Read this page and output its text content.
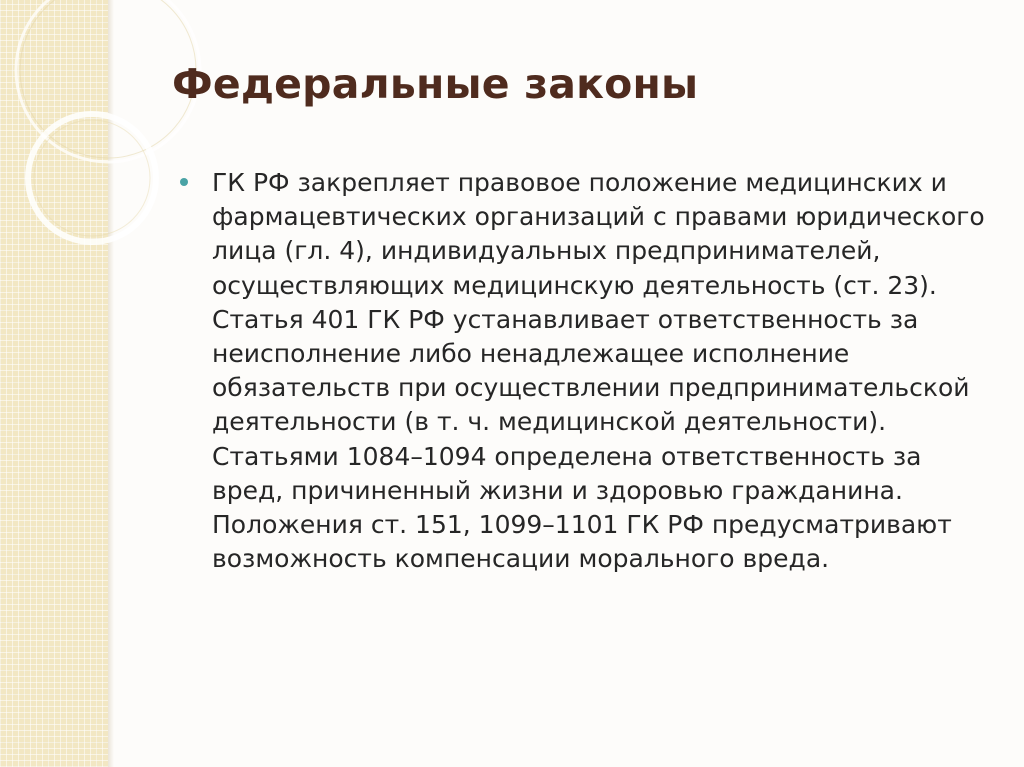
Федеральные законы

ГК РФ закрепляет правовое положение медицинских и фармацевтических организаций с правами юридического лица (гл. 4), индивидуальных предпринимателей, осуществляющих медицинскую деятельность (ст. 23). Статья 401 ГК РФ устанавливает ответственность за неисполнение либо ненадлежащее исполнение обязательств при осуществлении предпринимательской деятельности (в т. ч. медицинской деятельности). Статьями 1084–1094 определена ответственность за вред, причиненный жизни и здоровью гражданина. Положения ст. 151, 1099–1101 ГК РФ предусматривают возможность компенсации морального вреда.
